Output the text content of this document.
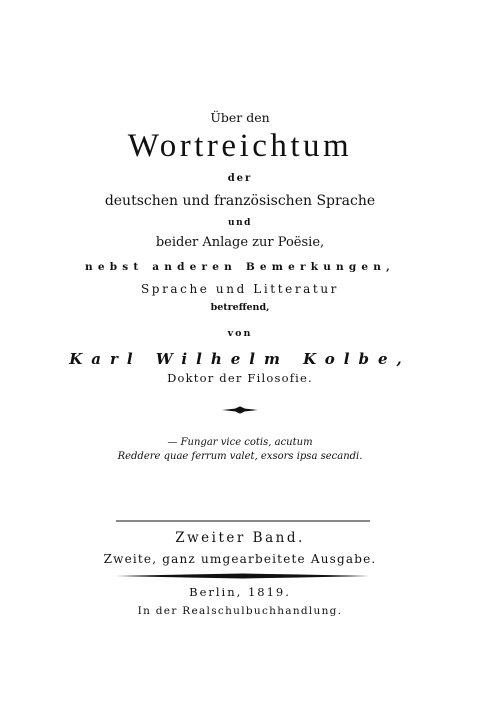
Über den
Wortreichtum
der
deutschen und französischen Sprache
und
beider Anlage zur Poësie,
nebst anderen Bemerkungen,
Sprache und Litteratur
betreffend,
von
Karl Wilhelm Kolbe,
Doktor der Filosofie.
— Fungar vice cotis, acutum
Reddere quae ferrum valet, exsors ipsa secandi.
Zweiter Band.
Zweite, ganz umgearbeitete Ausgabe.
Berlin, 1819.
In der Realschulbuchhandlung.
